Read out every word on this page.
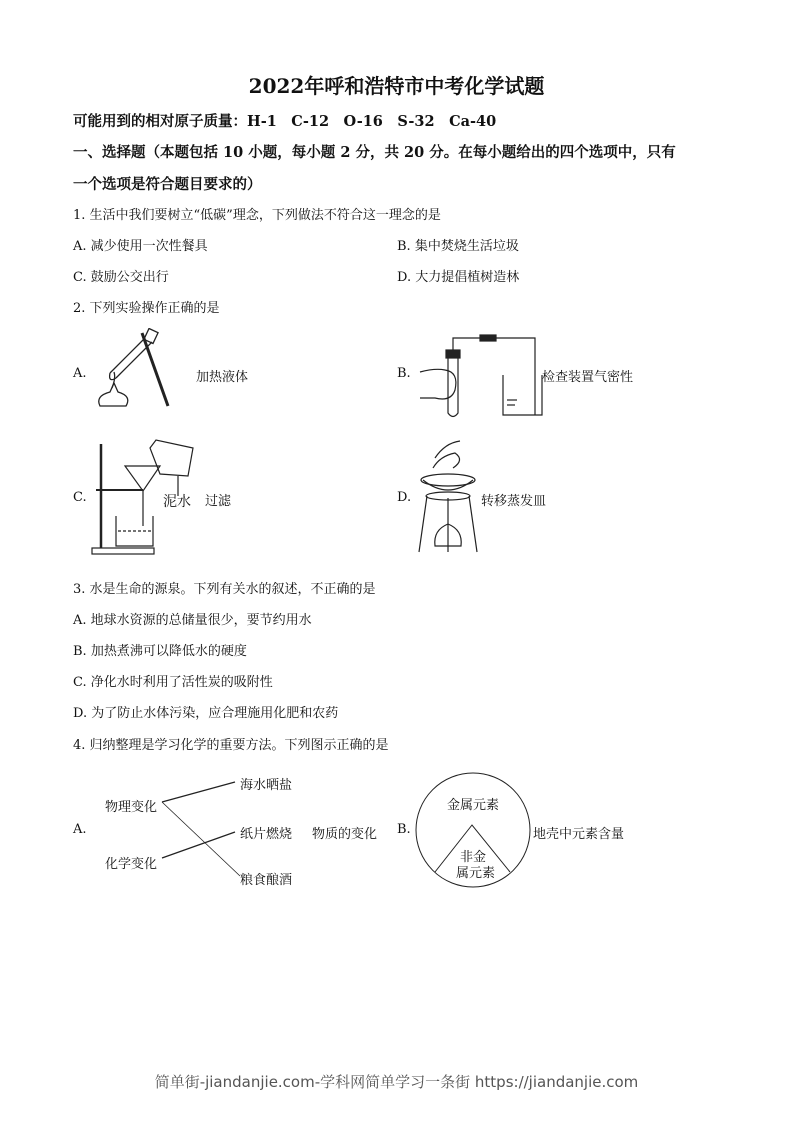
2022年呼和浩特市中考化学试题
可能用到的相对原子质量：H-1　C-12　O-16　S-32　Ca-40
一、选择题（本题包括 10 小题，每小题 2 分，共 20 分。在每小题给出的四个选项中，只有
一个选项是符合题目要求的）
1. 生活中我们要树立“低碳”理念，下列做法不符合这一理念的是
A. 减少使用一次性餐具	B. 集中焚烧生活垃圾
C. 鼓励公交出行	D. 大力提倡植树造林
2. 下列实验操作正确的是
A.	加热液体	B.	检查装置气密性
C.	泥水 过滤	D.	转移蒸发皿
3. 水是生命的源泉。下列有关水的叙述，不正确的是
A. 地球水资源的总储量很少，要节约用水
B. 加热煮沸可以降低水的硬度
C. 净化水时利用了活性炭的吸附性
D. 为了防止水体污染，应合理施用化肥和农药
4. 归纳整理是学习化学的重要方法。下列图示正确的是
A.
物理变化
化学变化
海水晒盐
纸片燃烧
粮食酿酒
物质的变化 B.
金属元素
非金
属元素
地壳中元素含量
简单街-jiandanjie.com-学科网简单学习一条街 https://jiandanjie.com
